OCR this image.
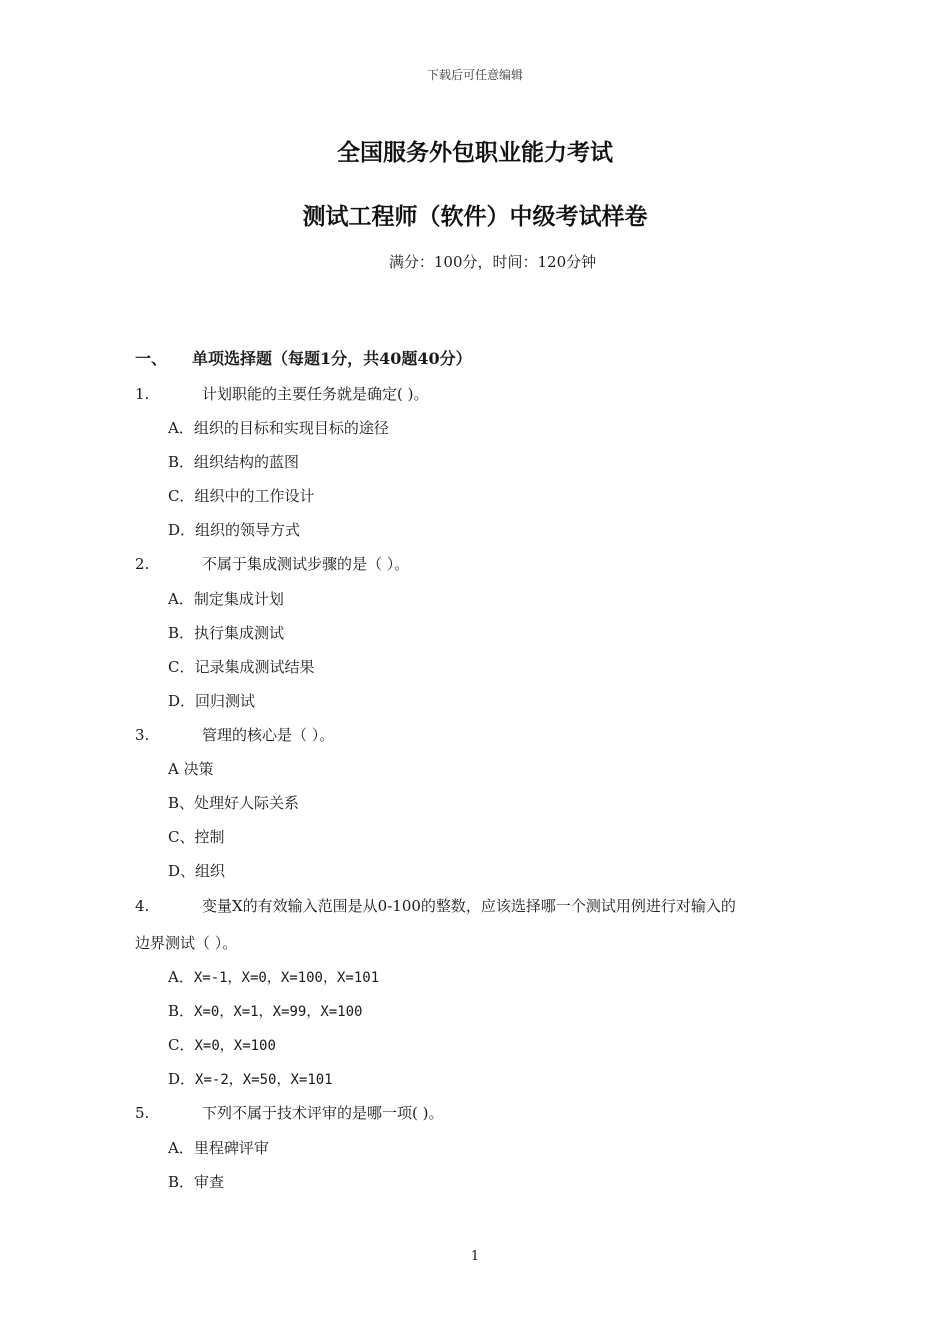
下载后可任意编辑
全国服务外包职业能力考试
测试工程师（软件）中级考试样卷
满分：100分，时间：120分钟
一、 单项选择题（每题1分，共40题40分）
1.	计划职能的主要任务就是确定( )。
A．组织的目标和实现目标的途径
B．组织结构的蓝图
C．组织中的工作设计
D．组织的领导方式
2.	不属于集成测试步骤的是（ ）。
A．制定集成计划
B．执行集成测试
C．记录集成测试结果
D．回归测试
3.	管理的核心是（ ）。
A 决策
B、处理好人际关系
C、控制
D、组织
4.	变量X的有效输入范围是从0-100的整数，应该选择哪一个测试用例进行对输入的
边界测试（ ）。
A．X=-1，X=0，X=100，X=101
B．X=0，X=1，X=99，X=100
C．X=0，X=100
D．X=-2，X=50，X=101
5.	下列不属于技术评审的是哪一项( )。
A．里程碑评审
B．审查
1
